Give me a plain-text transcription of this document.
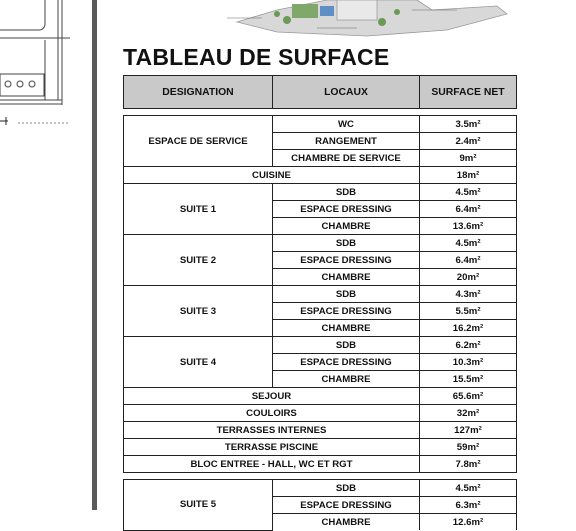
TABLEAU DE SURFACE
DESIGNATION	LOCAUX	SURFACE NET

ESPACE DE SERVICE	WC	3.5m²
	RANGEMENT	2.4m²
	CHAMBRE DE SERVICE	9m²
CUISINE		18m²
SUITE 1	SDB	4.5m²
	ESPACE DRESSING	6.4m²
	CHAMBRE	13.6m²
SUITE 2	SDB	4.5m²
	ESPACE DRESSING	6.4m²
	CHAMBRE	20m²
SUITE 3	SDB	4.3m²
	ESPACE DRESSING	5.5m²
	CHAMBRE	16.2m²
SUITE 4	SDB	6.2m²
	ESPACE DRESSING	10.3m²
	CHAMBRE	15.5m²
SEJOUR		65.6m²
COULOIRS		32m²
TERRASSES INTERNES		127m²
TERRASSE PISCINE		59m²
BLOC ENTREE - HALL, WC ET RGT		7.8m²

SUITE 5	SDB	4.5m²
	ESPACE DRESSING	6.3m²
	CHAMBRE	12.6m²
